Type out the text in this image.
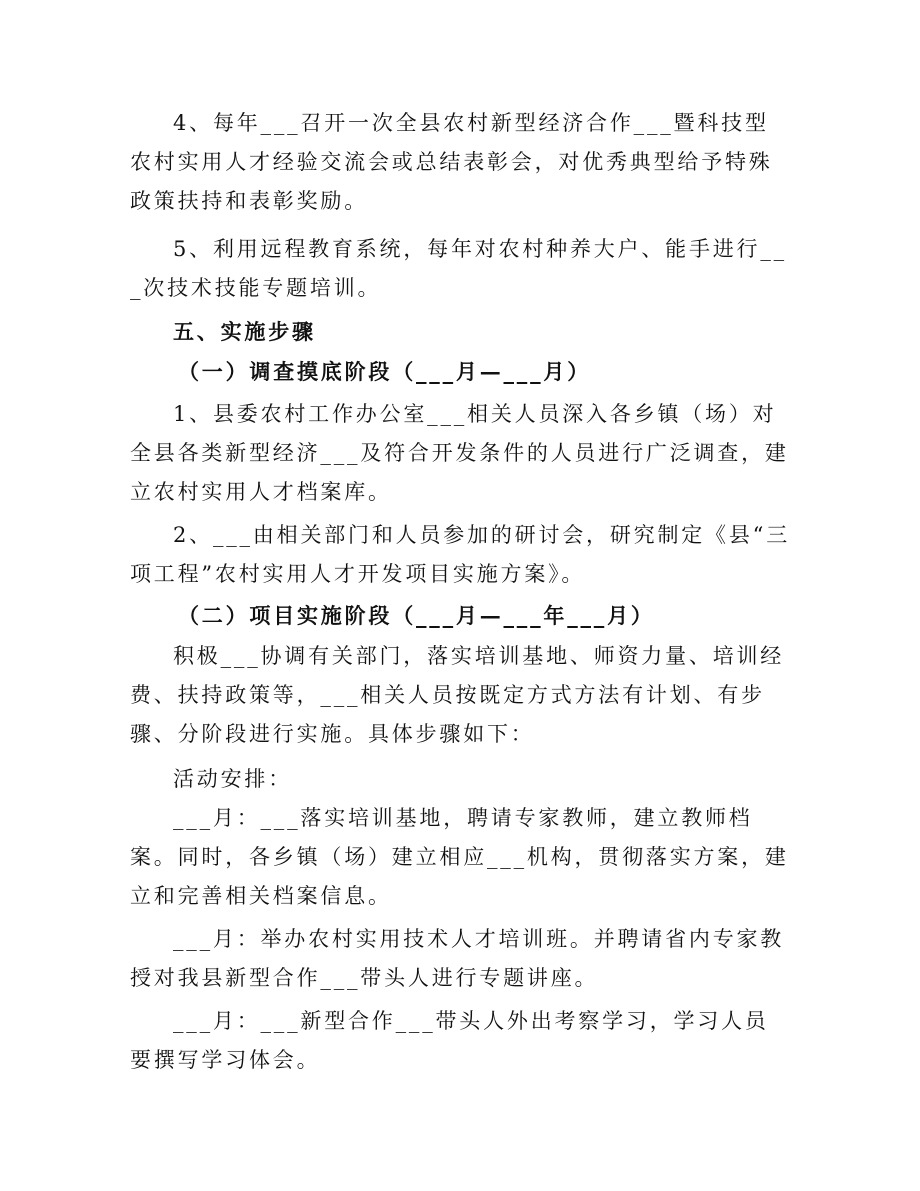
4、每年___召开一次全县农村新型经济合作___暨科技型农村实用人才经验交流会或总结表彰会，对优秀典型给予特殊政策扶持和表彰奖励。

5、利用远程教育系统，每年对农村种养大户、能手进行___次技术技能专题培训。

五、实施步骤

（一）调查摸底阶段（___月—___月）

1、县委农村工作办公室___相关人员深入各乡镇（场）对全县各类新型经济___及符合开发条件的人员进行广泛调查，建立农村实用人才档案库。

2、___由相关部门和人员参加的研讨会，研究制定《县“三项工程”农村实用人才开发项目实施方案》。

（二）项目实施阶段（___月—___年___月）

积极___协调有关部门，落实培训基地、师资力量、培训经费、扶持政策等，___相关人员按既定方式方法有计划、有步骤、分阶段进行实施。具体步骤如下：

活动安排：

___月：___落实培训基地，聘请专家教师，建立教师档案。同时，各乡镇（场）建立相应___机构，贯彻落实方案，建立和完善相关档案信息。

___月：举办农村实用技术人才培训班。并聘请省内专家教授对我县新型合作___带头人进行专题讲座。

___月：___新型合作___带头人外出考察学习，学习人员要撰写学习体会。
